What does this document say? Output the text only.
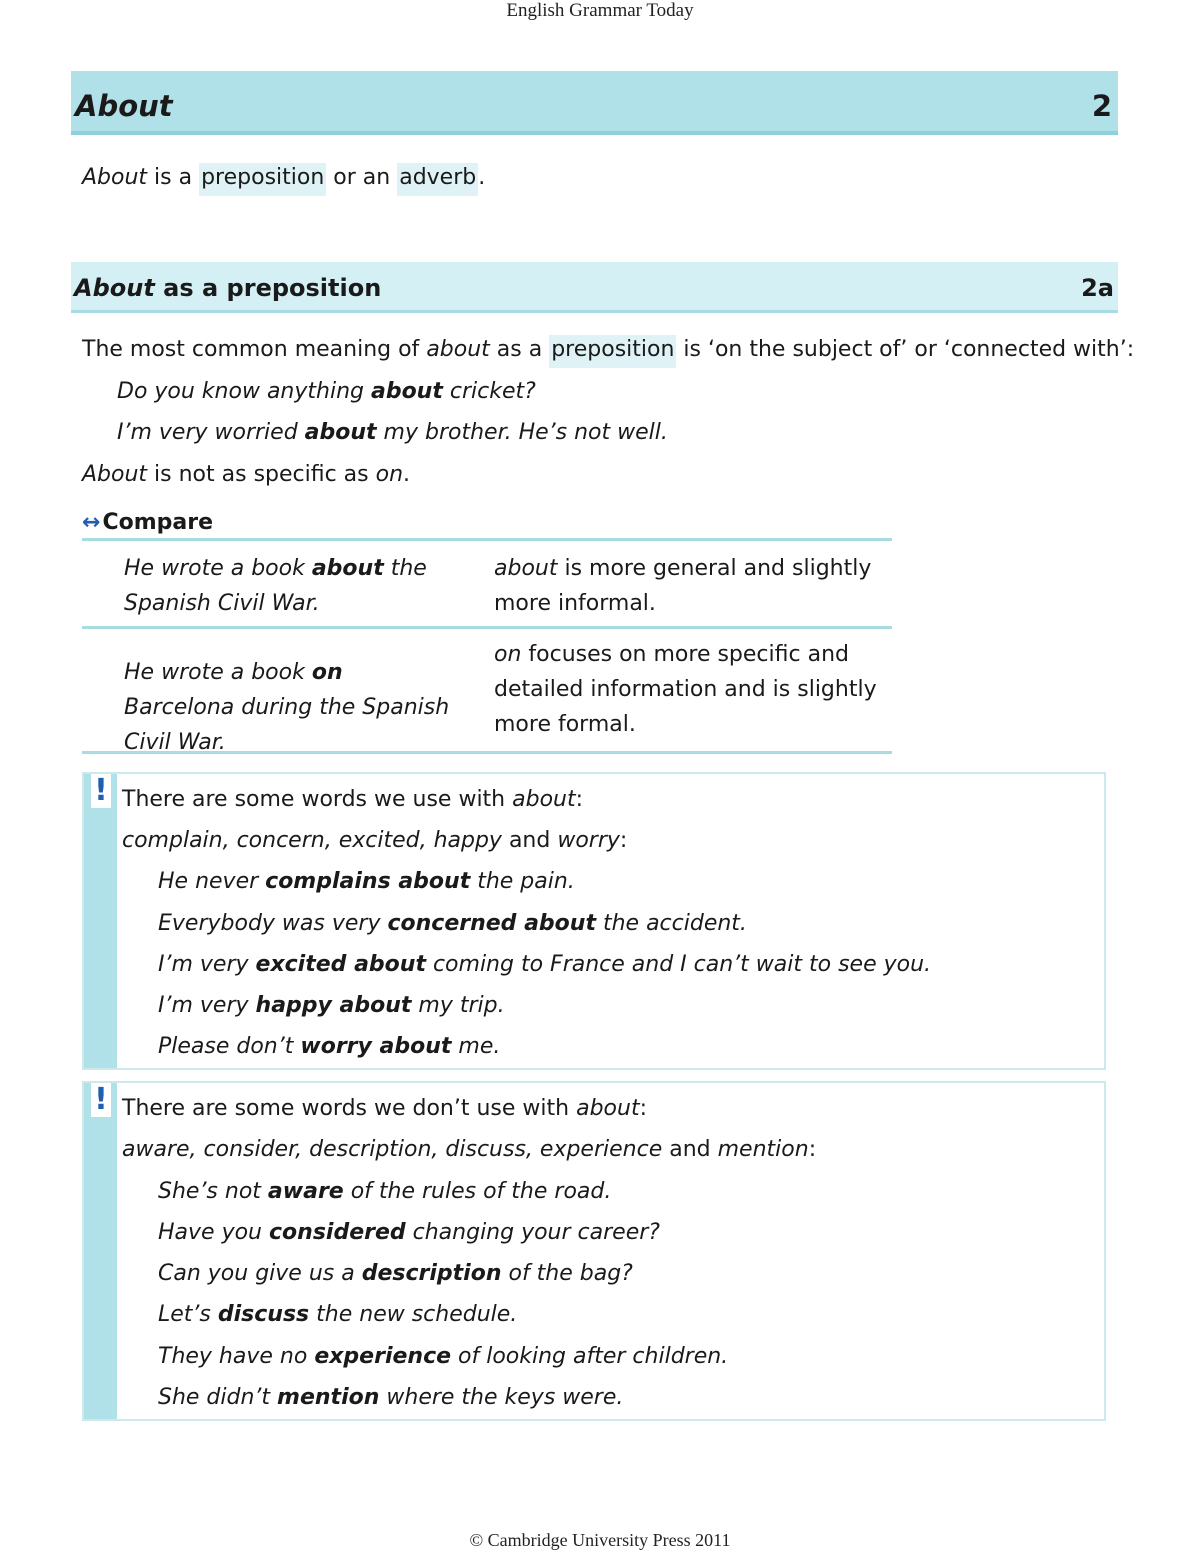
English Grammar Today
About	2
About is a preposition or an adverb.
About as a preposition	2a
The most common meaning of about as a preposition is ‘on the subject of’ or ‘connected with’:
Do you know anything about cricket?
I’m very worried about my brother. He’s not well.
About is not as specific as on.
↔Compare
He wrote a book about the Spanish Civil War.
about is more general and slightly more informal.
He wrote a book on Barcelona during the Spanish Civil War.
on focuses on more specific and detailed information and is slightly more formal.
! There are some words we use with about:
complain, concern, excited, happy and worry:
He never complains about the pain.
Everybody was very concerned about the accident.
I’m very excited about coming to France and I can’t wait to see you.
I’m very happy about my trip.
Please don’t worry about me.
! There are some words we don’t use with about:
aware, consider, description, discuss, experience and mention:
She’s not aware of the rules of the road.
Have you considered changing your career?
Can you give us a description of the bag?
Let’s discuss the new schedule.
They have no experience of looking after children.
She didn’t mention where the keys were.
© Cambridge University Press 2011
